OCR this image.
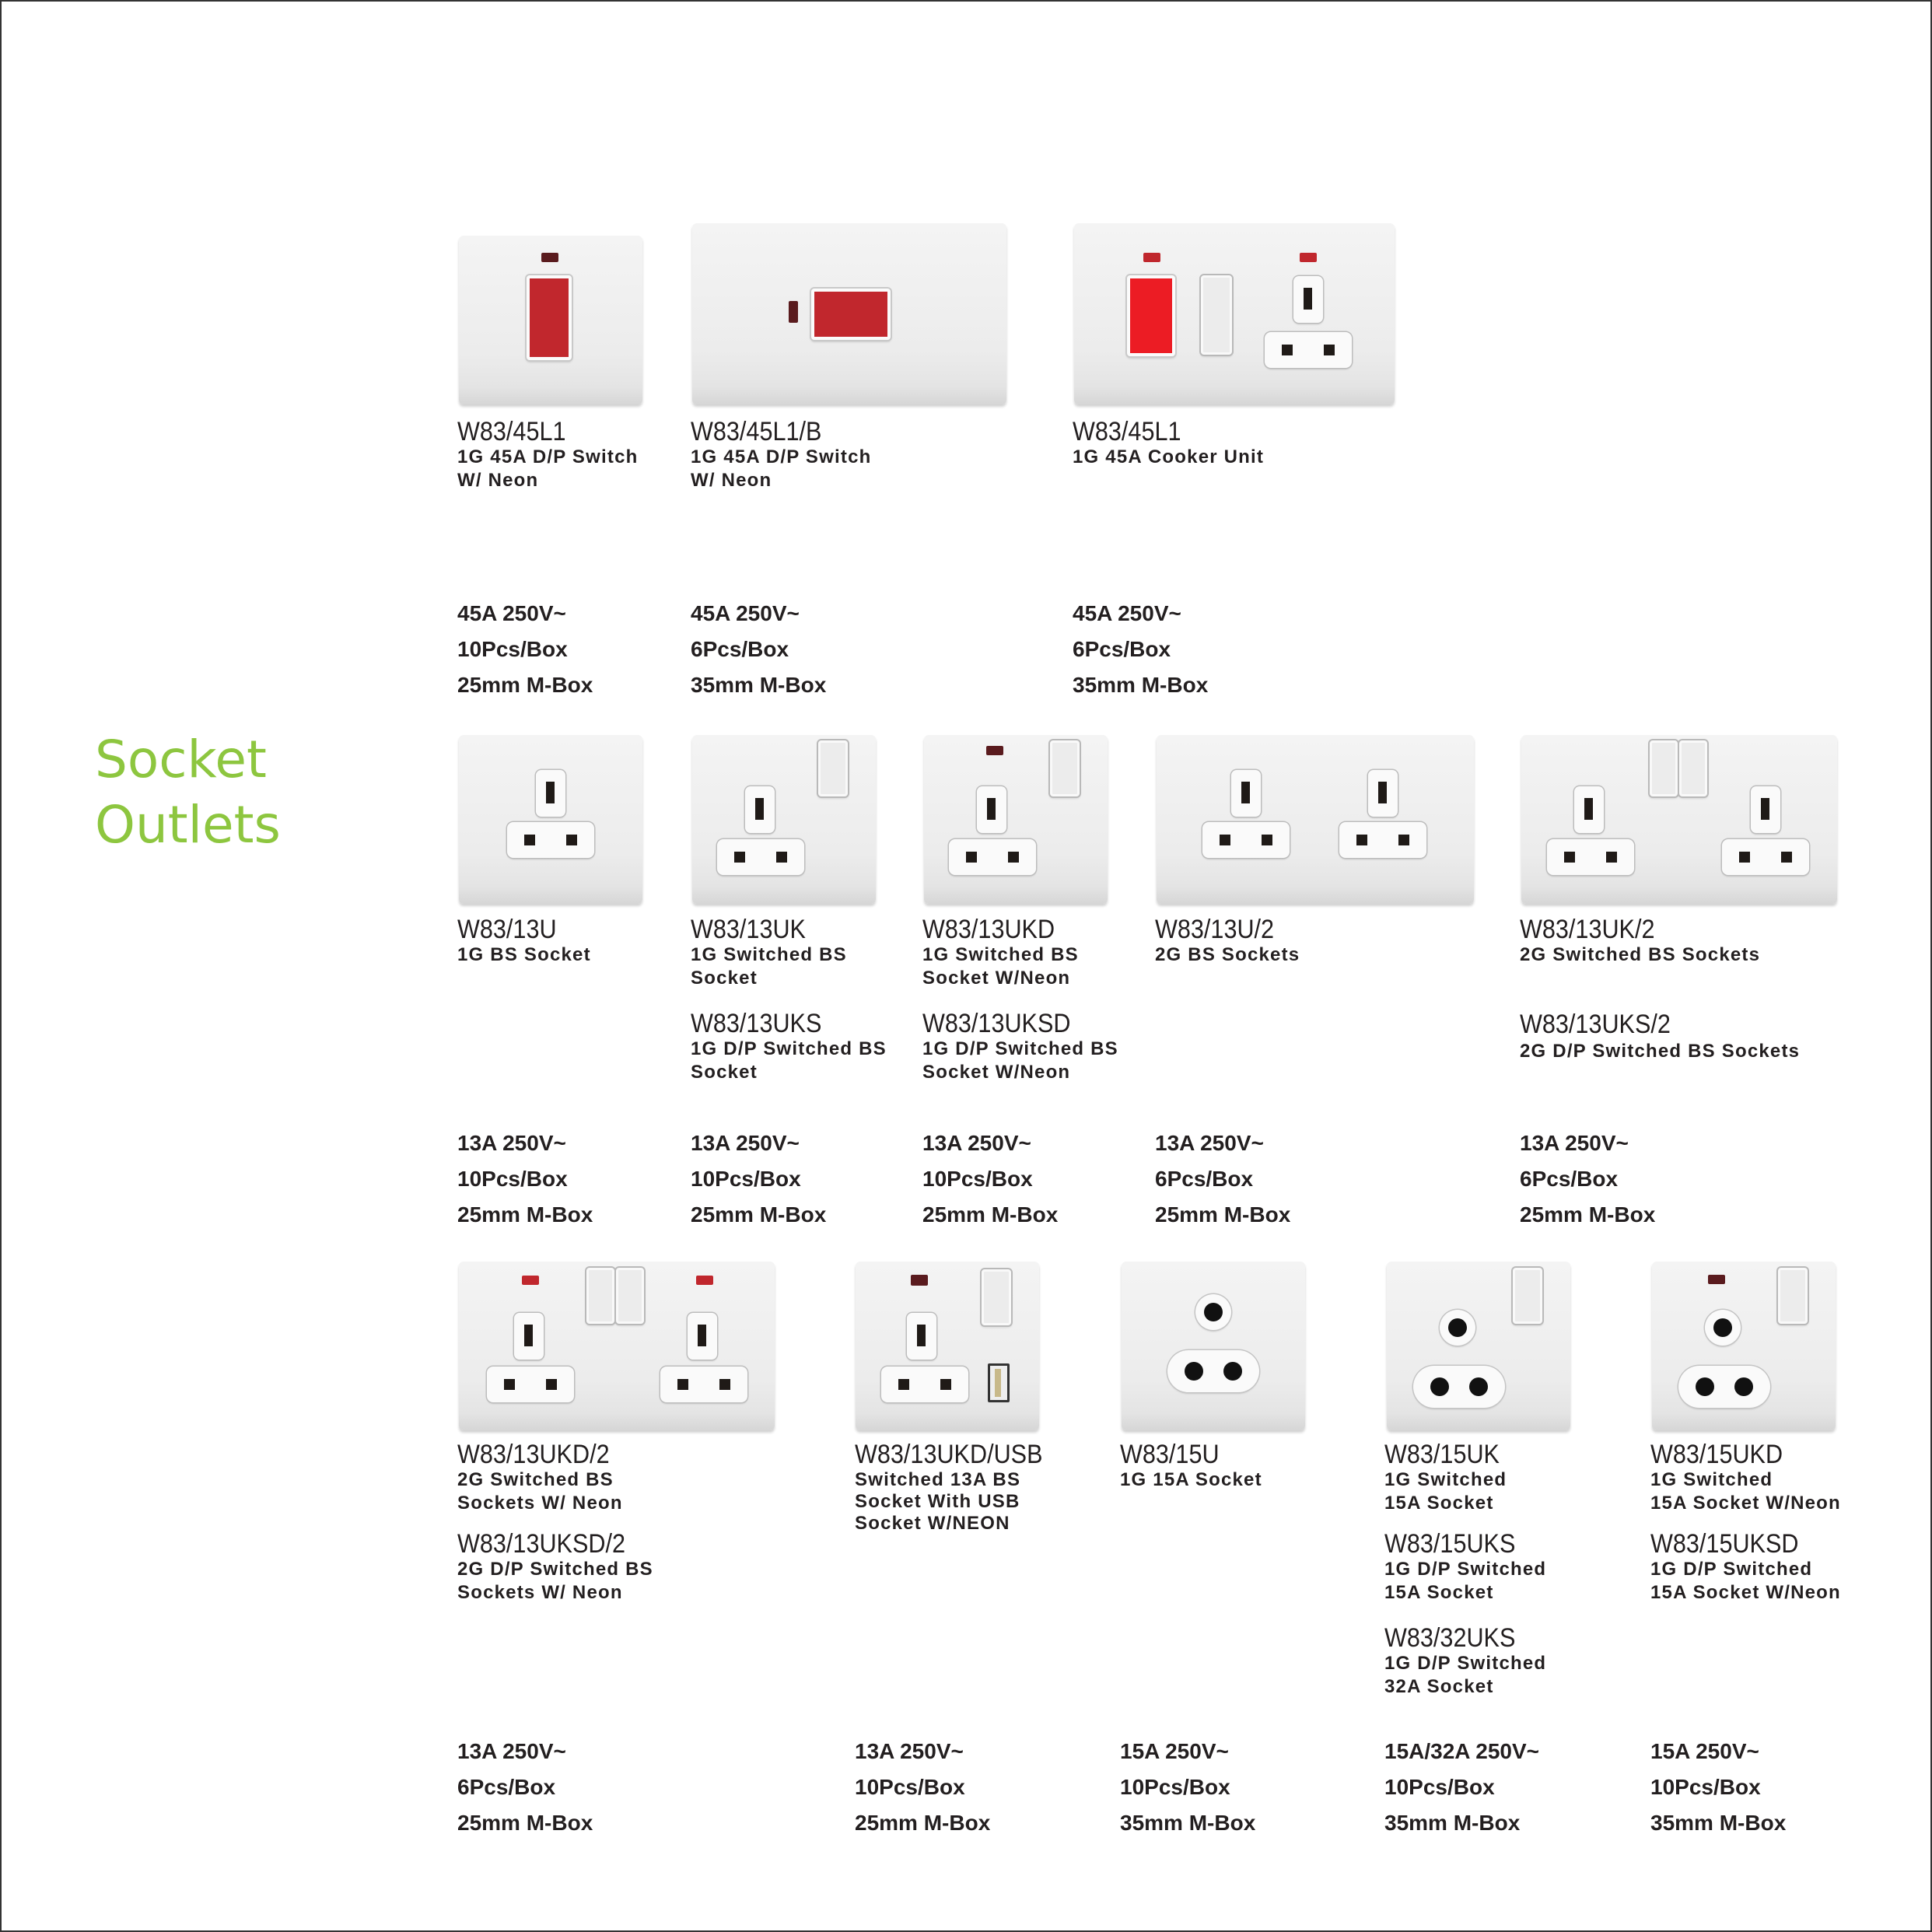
Socket
Outlets
W83/45L1
1G 45A D/P Switch
W/ Neon
45A 250V~
10Pcs/Box
25mm M-Box
W83/45L1/B
1G 45A D/P Switch
W/ Neon
45A 250V~
6Pcs/Box
35mm M-Box
W83/45L1
1G 45A Cooker Unit
45A 250V~
6Pcs/Box
35mm M-Box
W83/13U
1G BS Socket
13A 250V~
10Pcs/Box
25mm M-Box
W83/13UK
1G Switched BS
Socket
W83/13UKS
1G D/P Switched BS
Socket
13A 250V~
10Pcs/Box
25mm M-Box
W83/13UKD
1G Switched BS
Socket W/Neon
W83/13UKSD
1G D/P Switched BS
Socket W/Neon
13A 250V~
10Pcs/Box
25mm M-Box
W83/13U/2
2G BS Sockets
13A 250V~
6Pcs/Box
25mm M-Box
W83/13UK/2
2G Switched BS Sockets
W83/13UKS/2
2G D/P Switched BS Sockets
13A 250V~
6Pcs/Box
25mm M-Box
W83/13UKD/2
2G Switched BS
Sockets W/ Neon
W83/13UKSD/2
2G D/P Switched BS
Sockets W/ Neon
13A 250V~
6Pcs/Box
25mm M-Box
W83/13UKD/USB
Switched 13A BS
Socket With USB
Socket W/NEON
13A 250V~
10Pcs/Box
25mm M-Box
W83/15U
1G 15A Socket
15A 250V~
10Pcs/Box
35mm M-Box
W83/15UK
1G Switched
15A Socket
W83/15UKS
1G D/P Switched
15A Socket
W83/32UKS
1G D/P Switched
32A Socket
15A/32A 250V~
10Pcs/Box
35mm M-Box
W83/15UKD
1G Switched
15A Socket W/Neon
W83/15UKSD
1G D/P Switched
15A Socket W/Neon
15A 250V~
10Pcs/Box
35mm M-Box
